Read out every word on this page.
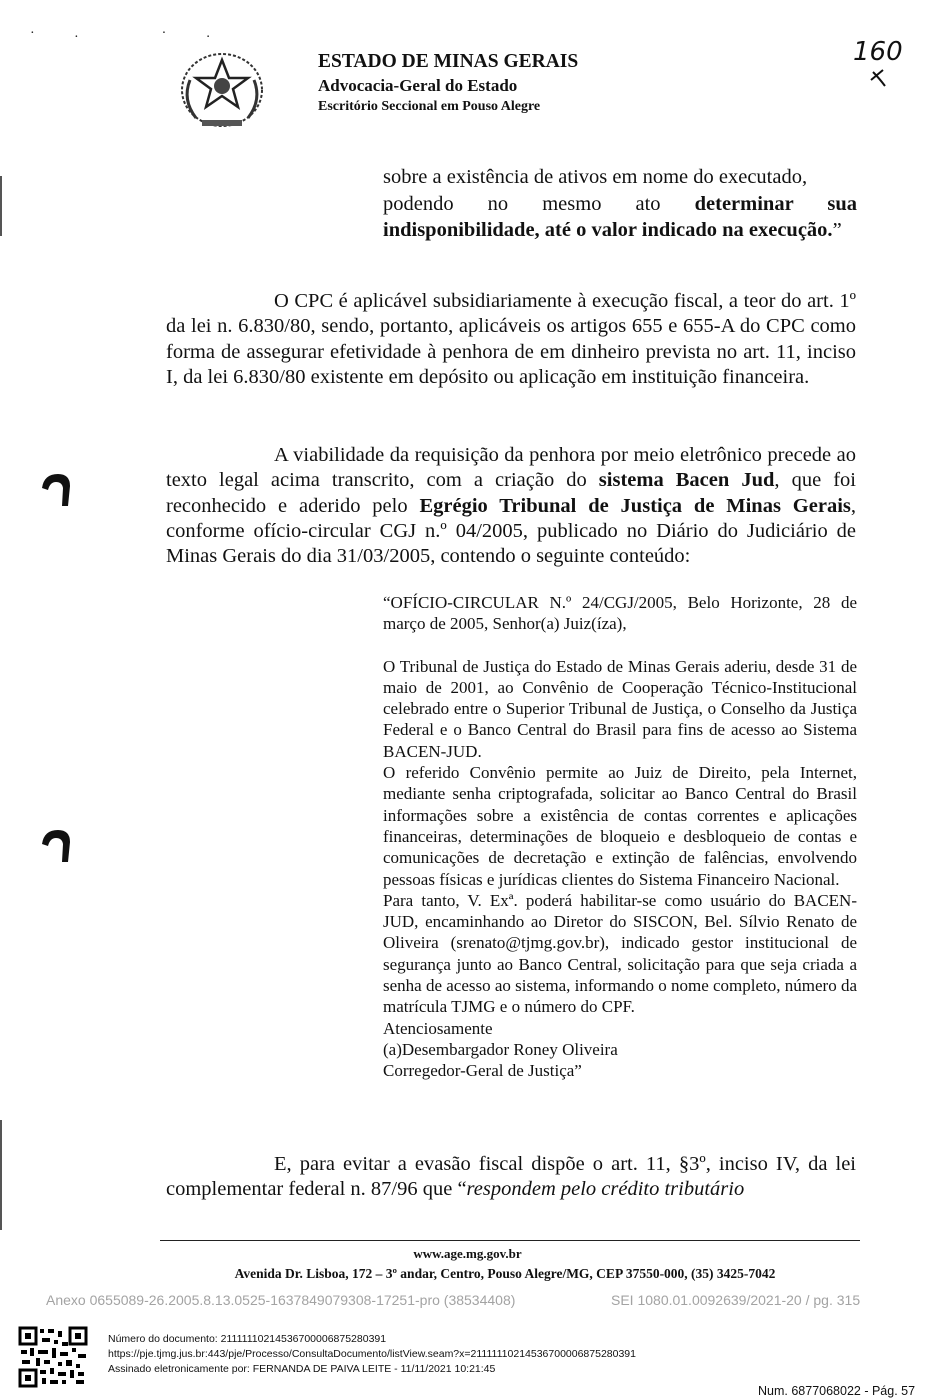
·. ·.
ESTADO DE MINAS GERAIS
Advocacia-Geral do Estado
Escritório Seccional em Pouso Alegre
160
sobre a existência de ativos em nome do executado,
podendo no mesmo ato determinar sua indisponibilidade, até o valor indicado na execução.”
O CPC é aplicável subsidiariamente à execução fiscal, a teor do art. 1º da lei n. 6.830/80, sendo, portanto, aplicáveis os artigos 655 e 655-A do CPC como forma de assegurar efetividade à penhora de em dinheiro prevista no art. 11, inciso I, da lei 6.830/80 existente em depósito ou aplicação em instituição financeira.
A viabilidade da requisição da penhora por meio eletrônico precede ao texto legal acima transcrito, com a criação do sistema Bacen Jud, que foi reconhecido e aderido pelo Egrégio Tribunal de Justiça de Minas Gerais, conforme ofício-circular CGJ n.º 04/2005, publicado no Diário do Judiciário de Minas Gerais do dia 31/03/2005, contendo o seguinte conteúdo:

“OFÍCIO-CIRCULAR N.º 24/CGJ/2005, Belo Horizonte, 28 de março de 2005, Senhor(a) Juiz(íza),

O Tribunal de Justiça do Estado de Minas Gerais aderiu, desde 31 de maio de 2001, ao Convênio de Cooperação Técnico-Institucional celebrado entre o Superior Tribunal de Justiça, o Conselho da Justiça Federal e o Banco Central do Brasil para fins de acesso ao Sistema BACEN-JUD.

O referido Convênio permite ao Juiz de Direito, pela Internet, mediante senha criptografada, solicitar ao Banco Central do Brasil informações sobre a existência de contas correntes e aplicações financeiras, determinações de bloqueio e desbloqueio de contas e comunicações de decretação e extinção de falências, envolvendo pessoas físicas e jurídicas clientes do Sistema Financeiro Nacional.

Para tanto, V. Exª. poderá habilitar-se como usuário do BACEN-JUD, encaminhando ao Diretor do SISCON, Bel. Sílvio Renato de Oliveira (srenato@tjmg.gov.br), indicado gestor institucional de segurança junto ao Banco Central, solicitação para que seja criada a senha de acesso ao sistema, informando o nome completo, número da matrícula TJMG e o número do CPF.

Atenciosamente

(a)Desembargador Roney Oliveira

Corregedor-Geral de Justiça”

E, para evitar a evasão fiscal dispõe o art. 11, §3º, inciso IV, da lei complementar federal n. 87/96 que “respondem pelo crédito tributário
www.age.mg.gov.br
Avenida Dr. Lisboa, 172 – 3º andar, Centro, Pouso Alegre/MG, CEP 37550-000, (35) 3425-7042
Anexo 0655089-26.2005.8.13.0525-1637849079308-17251-pro (38534408)	SEI 1080.01.0092639/2021-20 / pg. 315
Número do documento: 21111110214536700006875280391
https://pje.tjmg.jus.br:443/pje/Processo/ConsultaDocumento/listView.seam?x=21111110214536700006875280391
Assinado eletronicamente por: FERNANDA DE PAIVA LEITE - 11/11/2021 10:21:45
Num. 6877068022 - Pág. 57
